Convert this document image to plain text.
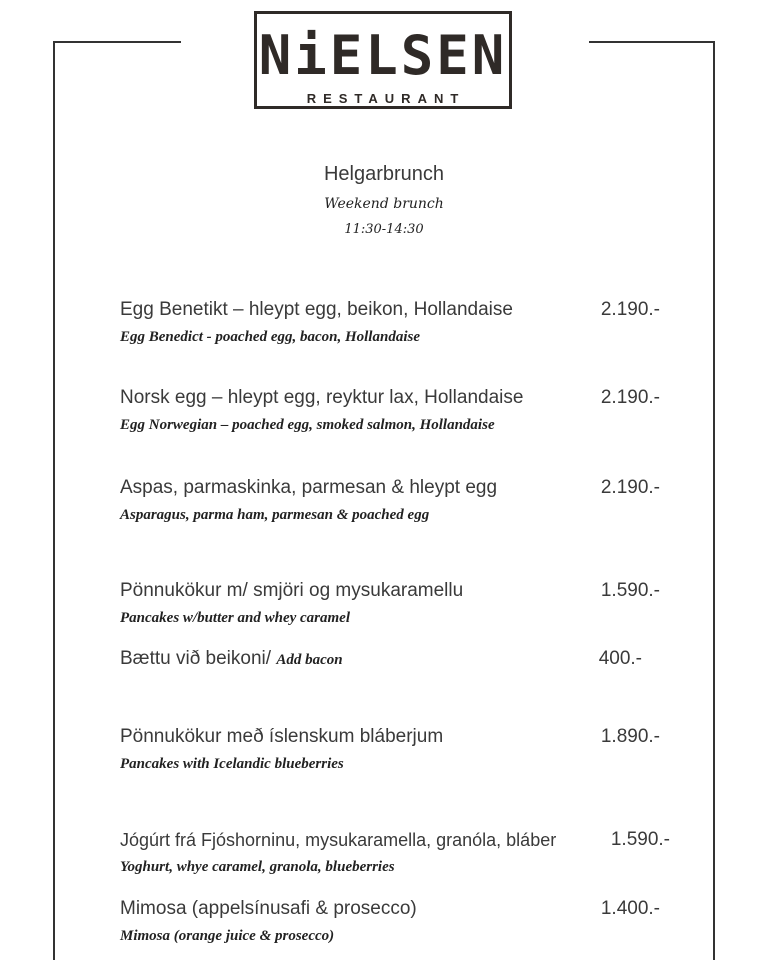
NiELSEN
RESTAURANT
Helgarbrunch
Weekend brunch
11:30-14:30
Egg Benetikt – hleypt egg, beikon, Hollandaise
Egg Benedict - poached egg, bacon, Hollandaise
2.190.-
Norsk egg – hleypt egg, reyktur lax, Hollandaise
Egg Norwegian – poached egg, smoked salmon, Hollandaise
2.190.-
Aspas, parmaskinka, parmesan & hleypt egg
Asparagus, parma ham, parmesan & poached egg
2.190.-
Pönnukökur m/ smjöri og mysukaramellu
Pancakes w/butter and whey caramel
1.590.-
Bættu við beikoni/ Add bacon	400.-
Pönnukökur með íslenskum bláberjum
Pancakes with Icelandic blueberries
1.890.-
Jógúrt frá Fjóshorninu, mysukaramella, granóla, bláber
Yoghurt, whye caramel, granola, blueberries
1.590.-
Mimosa (appelsínusafi & prosecco)
Mimosa (orange juice & prosecco)
1.400.-
